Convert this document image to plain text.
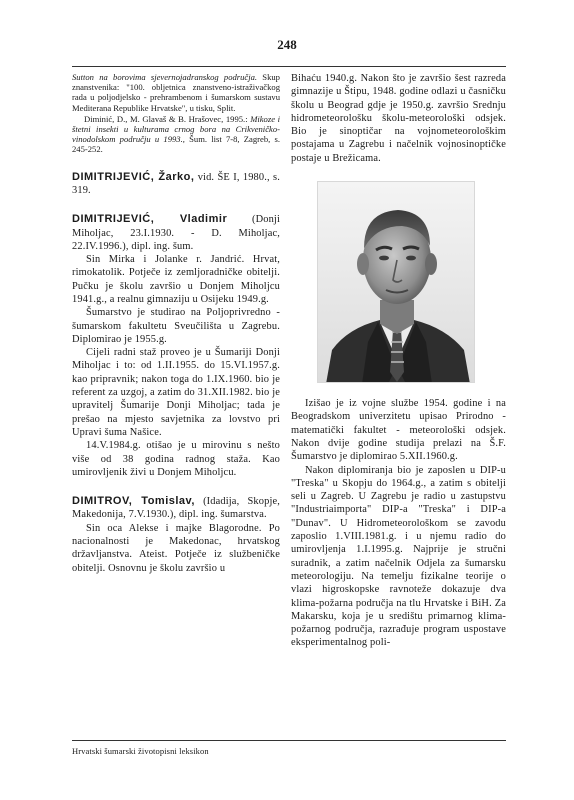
248

Sutton na borovima sjevernojadranskog područja. Skup znanstvenika: "100. obljetnica znanstveno-istraživačkog rada u poljodjelsko - prehrambenom i šumarskom sustavu Mediterana Republike Hrvatske", u tisku, Split.

Diminić, D., M. Glavaš & B. Hrašovec, 1995.: Mikoze i štetni insekti u kulturama crnog bora na Crikveničko-vinodolskom području u 1993., Šum. list 7-8, Zagreb, s. 245-252.

DIMITRIJEVIĆ, Žarko, vid. ŠE I, 1980., s. 319.

DIMITRIJEVIĆ, Vladimir (Donji Miholjac, 23.I.1930. - D. Miholjac, 22.IV.1996.), dipl. ing. šum.

Sin Mirka i Jolanke r. Jandrić. Hrvat, rimokatolik. Potječe iz zemljoradničke obitelji. Pučku je školu završio u Donjem Miholjcu 1941.g., a realnu gimnaziju u Osijeku 1949.g.

Šumarstvo je studirao na Poljoprivredno - šumarskom fakultetu Sveučilišta u Zagrebu. Diplomirao je 1955.g.

Cijeli radni staž proveo je u Šumariji Donji Miholjac i to: od 1.II.1955. do 15.VI.1957.g. kao pripravnik; nakon toga do 1.IX.1960. bio je referent za uzgoj, a zatim do 31.XII.1982. bio je upravitelj Šumarije Donji Miholjac; tada je prešao na mjesto savjetnika za lovstvo pri Upravi šuma Našice.

14.V.1984.g. otišao je u mirovinu s nešto više od 38 godina radnog staža. Kao umirovljenik živi u Donjem Miholjcu.

DIMITROV, Tomislav, (Idadija, Skopje, Makedonija, 7.V.1930.), dipl. ing. šumarstva.

Sin oca Alekse i majke Blagorodne. Po nacionalnosti je Makedonac, hrvatskog državljanstva. Ateist. Potječe iz službeničke obitelji. Osnovnu je školu završio u

Bihaću 1940.g. Nakon što je završio šest razreda gimnazije u Štipu, 1948. godine odlazi u časničku školu u Beograd gdje je 1950.g. završio Srednju hidrometeorološku školu-meteorološki odsjek. Bio je sinoptičar na vojnometeorološkim postajama u Zagrebu i načelnik vojnosinoptičke postaje u Brežicama.

Izišao je iz vojne službe 1954. godine i na Beogradskom univerzitetu upisao Prirodno - matematički fakultet - meteorološki odsjek. Nakon dvije godine studija prelazi na Š.F. Šumarstvo je diplomirao 5.XII.1960.g.

Nakon diplomiranja bio je zaposlen u DIP-u "Treska" u Skopju do 1964.g., a zatim s obitelji seli u Zagreb. U Zagrebu je radio u zastupstvu "Industriaimporta" DIP-a "Treska" i DIP-a "Dunav". U Hidrometeorološkom se zavodu zaposlio 1.VIII.1981.g. i u njemu radio do umirovljenja 1.I.1995.g. Najprije je stručni suradnik, a zatim načelnik Odjela za šumarsku meteorologiju. Na temelju fizikalne teorije o vlazi higroskopske ravnoteže dokazuje dva klima-požarna područja na tlu Hrvatske i BiH. Za Makarsku, koja je u središtu primarnog klima-požarnog područja, razrađuje program uspostave eksperimentalnog poli-

Hrvatski šumarski životopisni leksikon
